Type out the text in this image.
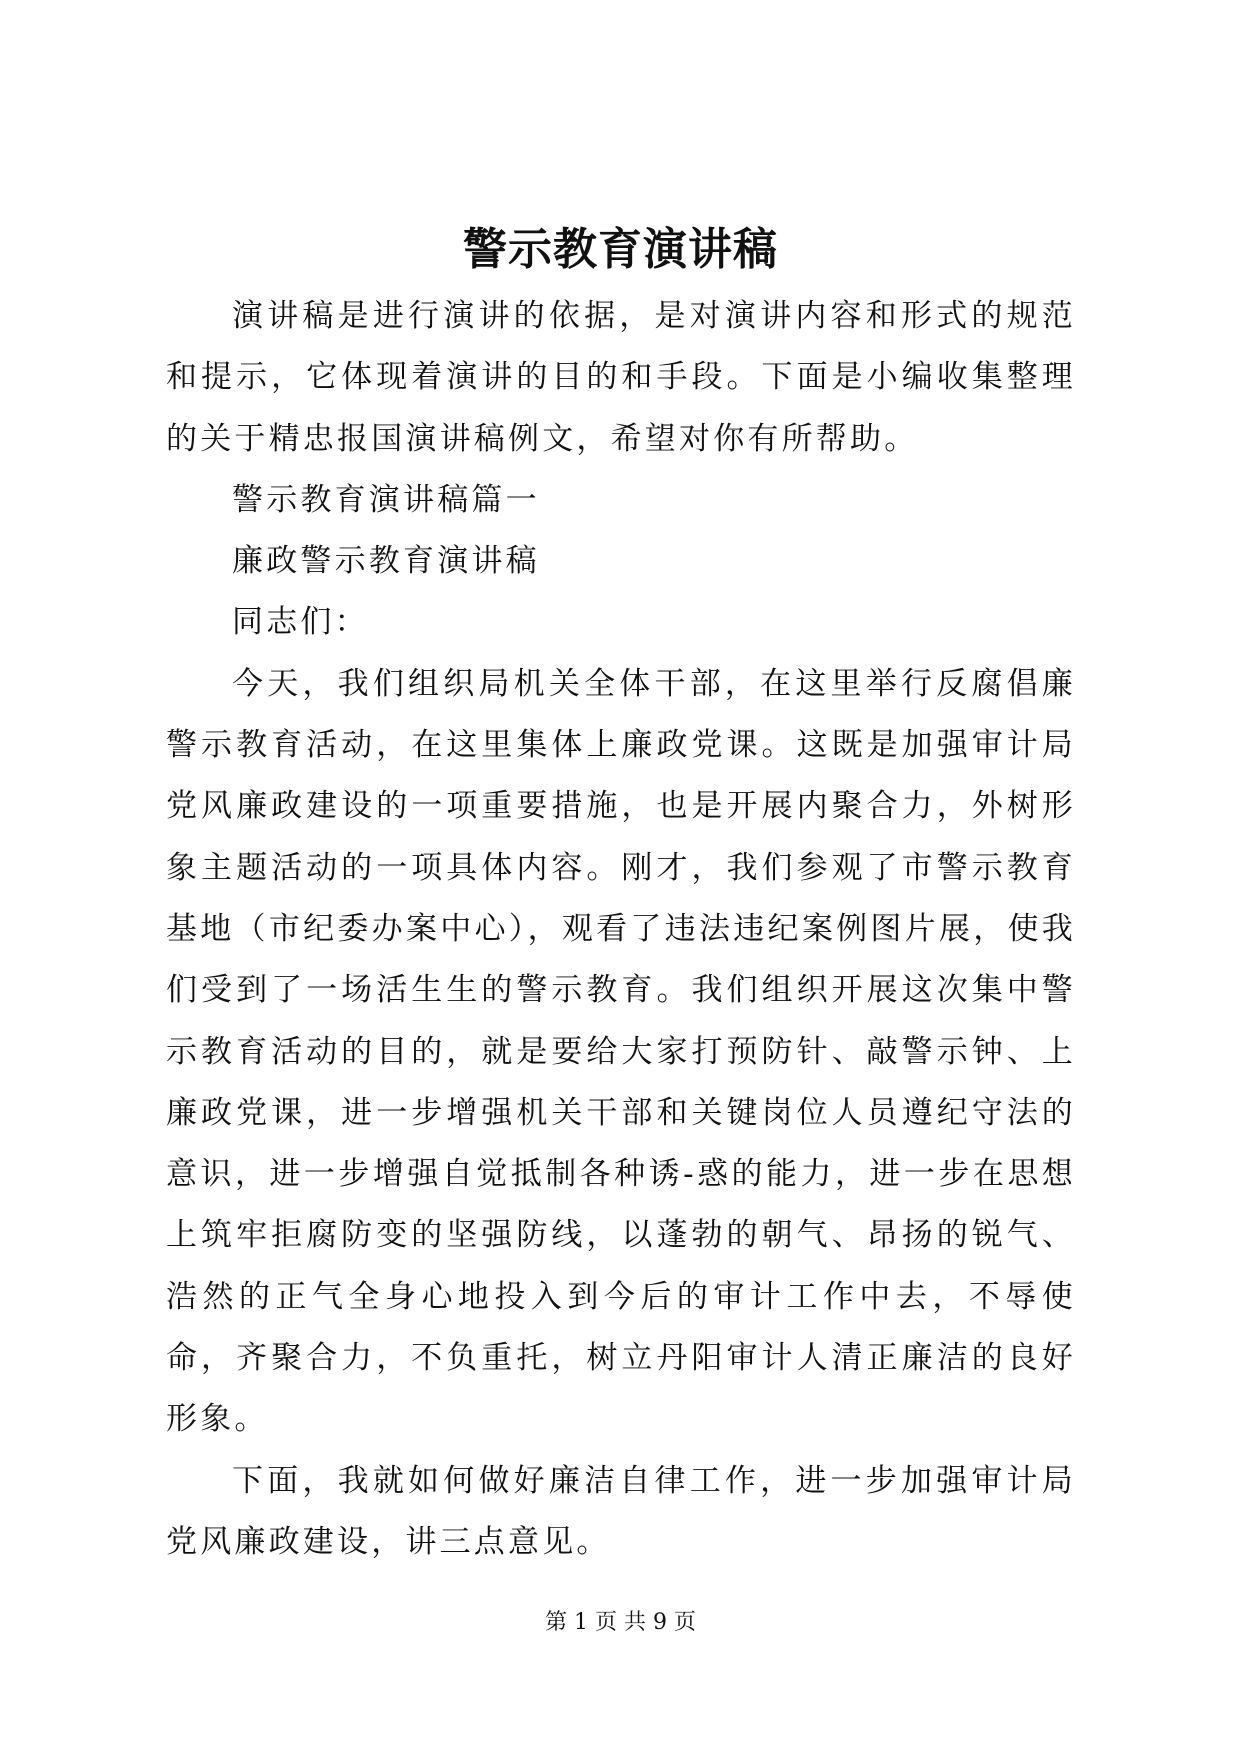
警示教育演讲稿

演讲稿是进行演讲的依据，是对演讲内容和形式的规范和提示，它体现着演讲的目的和手段。下面是小编收集整理的关于精忠报国演讲稿例文，希望对你有所帮助。

警示教育演讲稿篇一

廉政警示教育演讲稿

同志们：

今天，我们组织局机关全体干部，在这里举行反腐倡廉警示教育活动，在这里集体上廉政党课。这既是加强审计局党风廉政建设的一项重要措施，也是开展内聚合力，外树形象主题活动的一项具体内容。刚才，我们参观了市警示教育基地（市纪委办案中心），观看了违法违纪案例图片展，使我们受到了一场活生生的警示教育。我们组织开展这次集中警示教育活动的目的，就是要给大家打预防针、敲警示钟、上廉政党课，进一步增强机关干部和关键岗位人员遵纪守法的意识，进一步增强自觉抵制各种诱-惑的能力，进一步在思想上筑牢拒腐防变的坚强防线，以蓬勃的朝气、昂扬的锐气、浩然的正气全身心地投入到今后的审计工作中去，不辱使命，齐聚合力，不负重托，树立丹阳审计人清正廉洁的良好形象。

下面，我就如何做好廉洁自律工作，进一步加强审计局党风廉政建设，讲三点意见。

第 1 页 共 9 页
